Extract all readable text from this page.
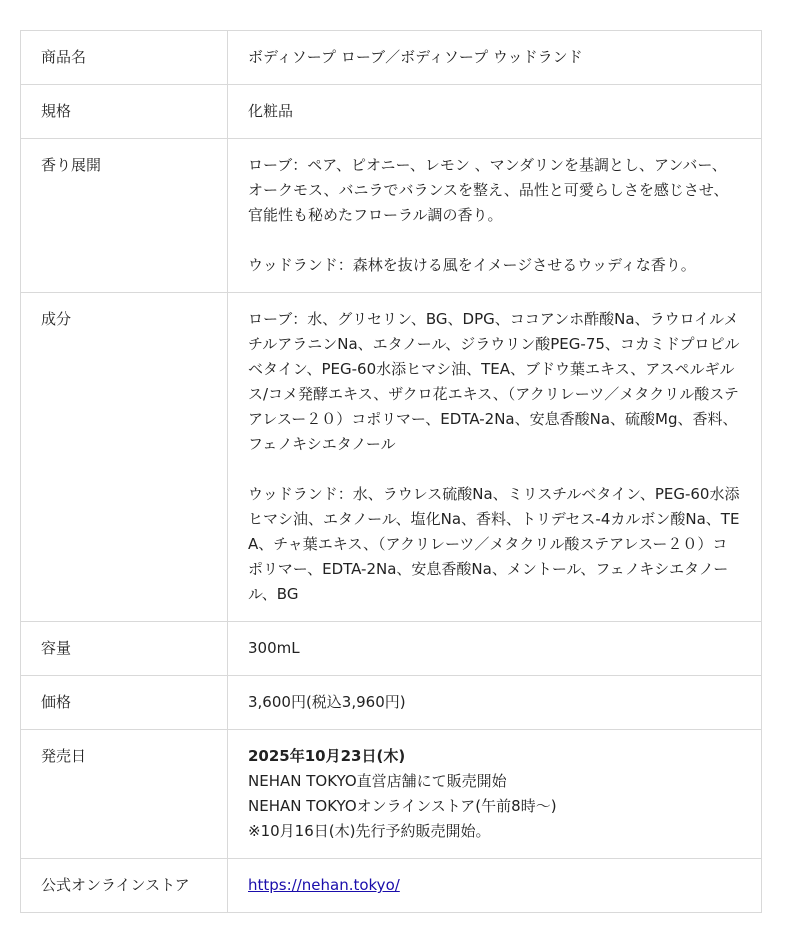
商品名	ボディソープ ローブ／ボディソープ ウッドランド
規格	化粧品
香り展開	ローブ：ペア、ピオニー、レモン 、マンダリンを基調とし、アンバー、オークモス、バニラでバランスを整え、品性と可愛らしさを感じさせ、官能性も秘めたフローラル調の香り。
ウッドランド：森林を抜ける風をイメージさせるウッディな香り。

成分	ローブ：水、グリセリン、BG、DPG、ココアンホ酢酸Na、ラウロイルメチルアラニンNa、エタノール、ジラウリン酸PEG-75、コカミドプロピルベタイン、PEG-60水添ヒマシ油、TEA、ブドウ葉エキス、アスペルギルス/コメ発酵エキス、ザクロ花エキス、（アクリレーツ／メタクリル酸ステアレスー２０）コポリマー、EDTA-2Na、安息香酸Na、硫酸Mg、香料、フェノキシエタノール
ウッドランド：水、ラウレス硫酸Na、ミリスチルベタイン、PEG-60水添ヒマシ油、エタノール、塩化Na、香料、トリデセス-4カルボン酸Na、TEA、チャ葉エキス、（アクリレーツ／メタクリル酸ステアレスー２０）コポリマー、EDTA-2Na、安息香酸Na、メントール、フェノキシエタノール、BG

容量	300mL
価格	3,600円(税込3,960円)
発売日	2025年10月23日(木)
NEHAN TOKYO直営店舗にて販売開始
NEHAN TOKYOオンラインストア(午前8時～)
※10月16日(木)先行予約販売開始。

公式オンラインストア	https://nehan.tokyo/
